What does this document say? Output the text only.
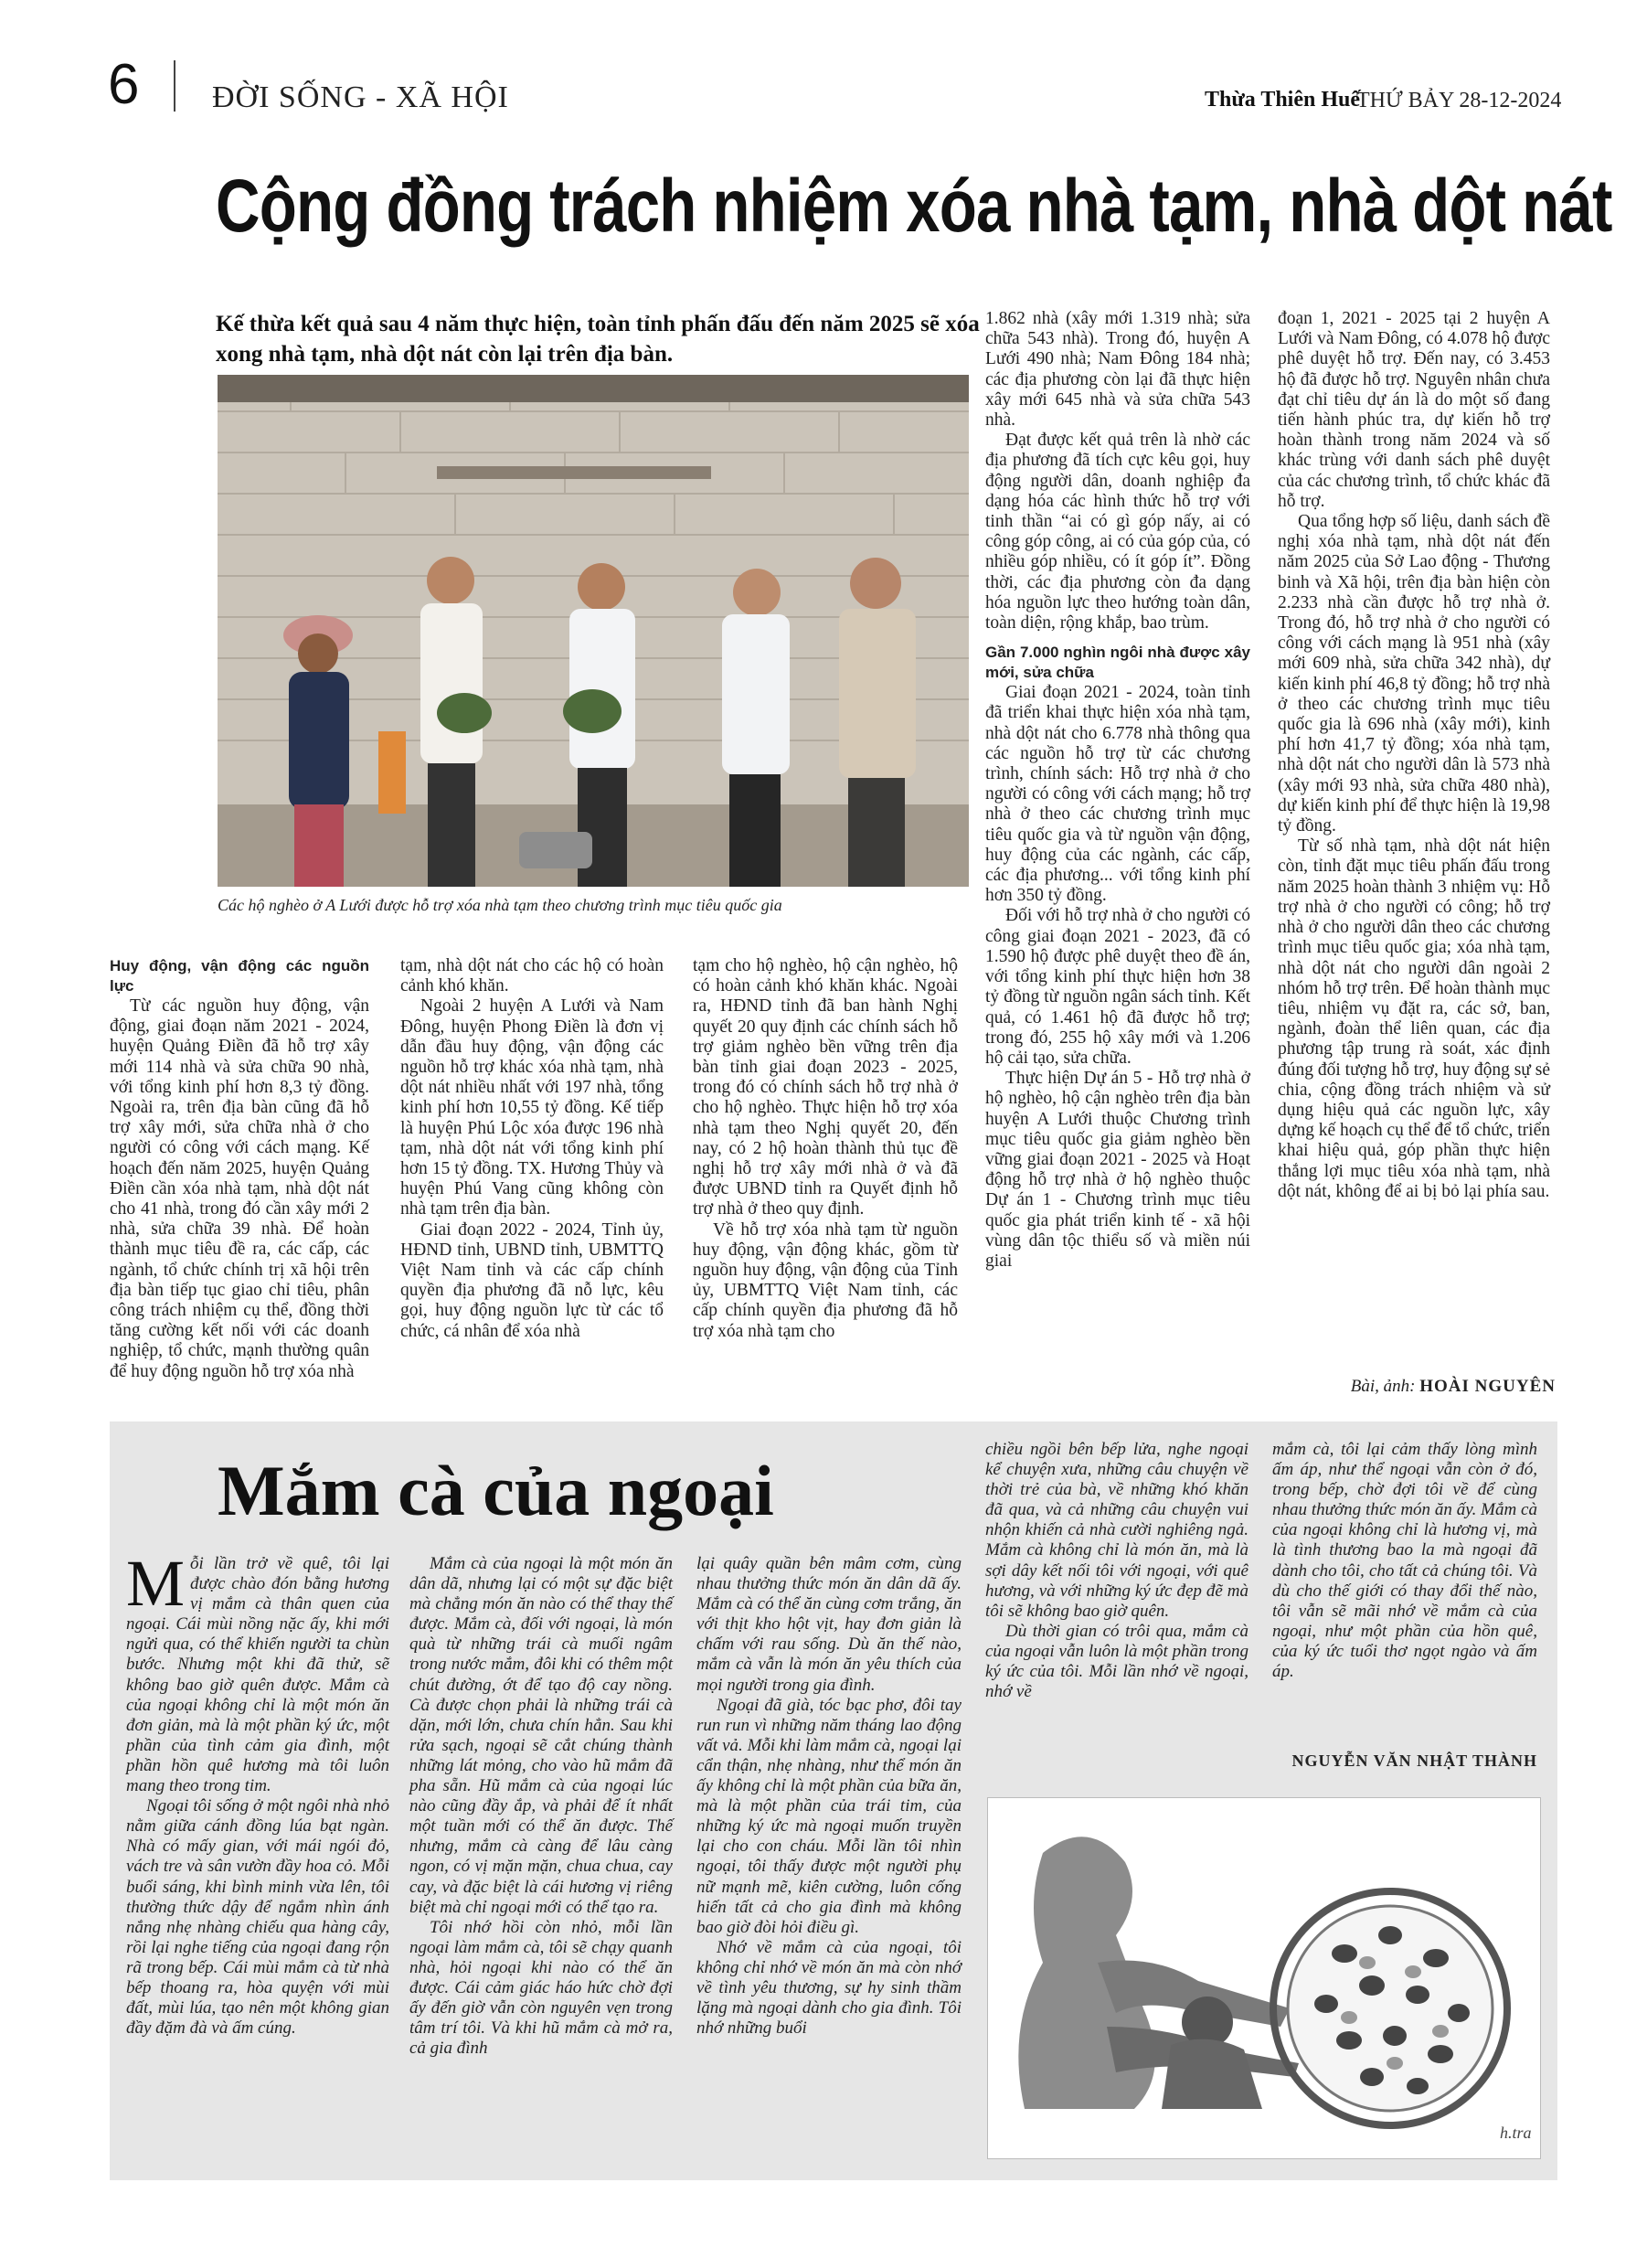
6 ĐỜI SỐNG - XÃ HỘI	Thừa Thiên Huế
THỨ BẢY 28-12-2024
Cộng đồng trách nhiệm xóa nhà tạm, nhà dột nát
Kế thừa kết quả sau 4 năm thực hiện, toàn tỉnh phấn đấu đến năm 2025 sẽ xóa xong nhà tạm, nhà dột nát còn lại trên địa bàn.
Các hộ nghèo ở A Lưới được hỗ trợ xóa nhà tạm theo chương trình mục tiêu quốc gia

Huy động, vận động các nguồn lực

Từ các nguồn huy động, vận động, giai đoạn năm 2021 - 2024, huyện Quảng Điền đã hỗ trợ xây mới 114 nhà và sửa chữa 90 nhà, với tổng kinh phí hơn 8,3 tỷ đồng. Ngoài ra, trên địa bàn cũng đã hỗ trợ xây mới, sửa chữa nhà ở cho người có công với cách mạng. Kế hoạch đến năm 2025, huyện Quảng Điền cần xóa nhà tạm, nhà dột nát cho 41 nhà, trong đó cần xây mới 2 nhà, sửa chữa 39 nhà. Để hoàn thành mục tiêu đề ra, các cấp, các ngành, tổ chức chính trị xã hội trên địa bàn tiếp tục giao chỉ tiêu, phân công trách nhiệm cụ thể, đồng thời tăng cường kết nối với các doanh nghiệp, tổ chức, mạnh thường quân để huy động nguồn hỗ trợ xóa nhà

tạm, nhà dột nát cho các hộ có hoàn cảnh khó khăn.

Ngoài 2 huyện A Lưới và Nam Đông, huyện Phong Điền là đơn vị dẫn đầu huy động, vận động các nguồn hỗ trợ khác xóa nhà tạm, nhà dột nát nhiều nhất với 197 nhà, tổng kinh phí hơn 10,55 tỷ đồng. Kế tiếp là huyện Phú Lộc xóa được 196 nhà tạm, nhà dột nát với tổng kinh phí hơn 15 tỷ đồng. TX. Hương Thủy và huyện Phú Vang cũng không còn nhà tạm trên địa bàn.

Giai đoạn 2022 - 2024, Tỉnh ủy, HĐND tỉnh, UBND tỉnh, UBMTTQ Việt Nam tỉnh và các cấp chính quyền địa phương đã nỗ lực, kêu gọi, huy động nguồn lực từ các tổ chức, cá nhân để xóa nhà

tạm cho hộ nghèo, hộ cận nghèo, hộ có hoàn cảnh khó khăn khác. Ngoài ra, HĐND tỉnh đã ban hành Nghị quyết 20 quy định các chính sách hỗ trợ giảm nghèo bền vững trên địa bàn tỉnh giai đoạn 2023 - 2025, trong đó có chính sách hỗ trợ nhà ở cho hộ nghèo. Thực hiện hỗ trợ xóa nhà tạm theo Nghị quyết 20, đến nay, có 2 hộ hoàn thành thủ tục đề nghị hỗ trợ xây mới nhà ở và đã được UBND tỉnh ra Quyết định hỗ trợ nhà ở theo quy định.

Về hỗ trợ xóa nhà tạm từ nguồn huy động, vận động khác, gồm từ nguồn huy động, vận động của Tỉnh ủy, UBMTTQ Việt Nam tỉnh, các cấp chính quyền địa phương đã hỗ trợ xóa nhà tạm cho

1.862 nhà (xây mới 1.319 nhà; sửa chữa 543 nhà). Trong đó, huyện A Lưới 490 nhà; Nam Đông 184 nhà; các địa phương còn lại đã thực hiện xây mới 645 nhà và sửa chữa 543 nhà.

Đạt được kết quả trên là nhờ các địa phương đã tích cực kêu gọi, huy động người dân, doanh nghiệp đa dạng hóa các hình thức hỗ trợ với tinh thần “ai có gì góp nấy, ai có công góp công, ai có của góp của, có nhiều góp nhiều, có ít góp ít”. Đồng thời, các địa phương còn đa dạng hóa nguồn lực theo hướng toàn dân, toàn diện, rộng khắp, bao trùm.

Gần 7.000 nghìn ngôi nhà được xây mới, sửa chữa

Giai đoạn 2021 - 2024, toàn tỉnh đã triển khai thực hiện xóa nhà tạm, nhà dột nát cho 6.778 nhà thông qua các nguồn hỗ trợ từ các chương trình, chính sách: Hỗ trợ nhà ở cho người có công với cách mạng; hỗ trợ nhà ở theo các chương trình mục tiêu quốc gia và từ nguồn vận động, huy động của các ngành, các cấp, các địa phương... với tổng kinh phí hơn 350 tỷ đồng.

Đối với hỗ trợ nhà ở cho người có công giai đoạn 2021 - 2023, đã có 1.590 hộ được phê duyệt theo đề án, với tổng kinh phí thực hiện hơn 38 tỷ đồng từ nguồn ngân sách tỉnh. Kết quả, có 1.461 hộ đã được hỗ trợ; trong đó, 255 hộ xây mới và 1.206 hộ cải tạo, sửa chữa.

Thực hiện Dự án 5 - Hỗ trợ nhà ở hộ nghèo, hộ cận nghèo trên địa bàn huyện A Lưới thuộc Chương trình mục tiêu quốc gia giảm nghèo bền vững giai đoạn 2021 - 2025 và Hoạt động hỗ trợ nhà ở hộ nghèo thuộc Dự án 1 - Chương trình mục tiêu quốc gia phát triển kinh tế - xã hội vùng dân tộc thiểu số và miền núi giai

đoạn 1, 2021 - 2025 tại 2 huyện A Lưới và Nam Đông, có 4.078 hộ được phê duyệt hỗ trợ. Đến nay, có 3.453 hộ đã được hỗ trợ. Nguyên nhân chưa đạt chỉ tiêu dự án là do một số đang tiến hành phúc tra, dự kiến hỗ trợ hoàn thành trong năm 2024 và số khác trùng với danh sách phê duyệt của các chương trình, tổ chức khác đã hỗ trợ.

Qua tổng hợp số liệu, danh sách đề nghị xóa nhà tạm, nhà dột nát đến năm 2025 của Sở Lao động - Thương binh và Xã hội, trên địa bàn hiện còn 2.233 nhà cần được hỗ trợ nhà ở. Trong đó, hỗ trợ nhà ở cho người có công với cách mạng là 951 nhà (xây mới 609 nhà, sửa chữa 342 nhà), dự kiến kinh phí 46,8 tỷ đồng; hỗ trợ nhà ở theo các chương trình mục tiêu quốc gia là 696 nhà (xây mới), kinh phí hơn 41,7 tỷ đồng; xóa nhà tạm, nhà dột nát cho người dân là 573 nhà (xây mới 93 nhà, sửa chữa 480 nhà), dự kiến kinh phí để thực hiện là 19,98 tỷ đồng.

Từ số nhà tạm, nhà dột nát hiện còn, tỉnh đặt mục tiêu phấn đấu trong năm 2025 hoàn thành 3 nhiệm vụ: Hỗ trợ nhà ở cho người có công; hỗ trợ nhà ở cho người dân theo các chương trình mục tiêu quốc gia; xóa nhà tạm, nhà dột nát cho người dân ngoài 2 nhóm hỗ trợ trên. Để hoàn thành mục tiêu, nhiệm vụ đặt ra, các sở, ban, ngành, đoàn thể liên quan, các địa phương tập trung rà soát, xác định đúng đối tượng hỗ trợ, huy động sự sẻ chia, cộng đồng trách nhiệm và sử dụng hiệu quả các nguồn lực, xây dựng kế hoạch cụ thể để tổ chức, triển khai hiệu quả, góp phần thực hiện thắng lợi mục tiêu xóa nhà tạm, nhà dột nát, không để ai bị bỏ lại phía sau.

Bài, ảnh: HOÀI NGUYÊN
Mắm cà của ngoại

Mỗi lần trở về quê, tôi lại được chào đón bằng hương vị mắm cà thân quen của ngoại. Cái mùi nồng nặc ấy, khi mới ngửi qua, có thể khiến người ta chùn bước. Nhưng một khi đã thử, sẽ không bao giờ quên được. Mắm cà của ngoại không chỉ là một món ăn đơn giản, mà là một phần ký ức, một phần của tình cảm gia đình, một phần hồn quê hương mà tôi luôn mang theo trong tim.

Ngoại tôi sống ở một ngôi nhà nhỏ nằm giữa cánh đồng lúa bạt ngàn. Nhà có mấy gian, với mái ngói đỏ, vách tre và sân vườn đầy hoa cỏ. Mỗi buổi sáng, khi bình minh vừa lên, tôi thường thức dậy để ngắm nhìn ánh nắng nhẹ nhàng chiếu qua hàng cây, rồi lại nghe tiếng của ngoại đang rộn rã trong bếp. Cái mùi mắm cà từ nhà bếp thoang ra, hòa quyện với mùi đất, mùi lúa, tạo nên một không gian đầy đặm đà và ấm cúng.

Mắm cà của ngoại là một món ăn dân dã, nhưng lại có một sự đặc biệt mà chẳng món ăn nào có thể thay thế được. Mắm cà, đối với ngoại, là món quà từ những trái cà muối ngâm trong nước mắm, đôi khi có thêm một chút đường, ớt để tạo độ cay nồng. Cà được chọn phải là những trái cà dặn, mới lớn, chưa chín hẳn. Sau khi rửa sạch, ngoại sẽ cắt chúng thành những lát mỏng, cho vào hũ mắm đã pha sẵn. Hũ mắm cà của ngoại lúc nào cũng đầy ắp, và phải để ít nhất một tuần mới có thể ăn được. Thế nhưng, mắm cà càng để lâu càng ngon, có vị mặn mặn, chua chua, cay cay, và đặc biệt là cái hương vị riêng biệt mà chỉ ngoại mới có thể tạo ra.

Tôi nhớ hồi còn nhỏ, mỗi lần ngoại làm mắm cà, tôi sẽ chạy quanh nhà, hỏi ngoại khi nào có thể ăn được. Cái cảm giác háo hức chờ đợi ấy đến giờ vẫn còn nguyên vẹn trong tâm trí tôi. Và khi hũ mắm cà mở ra, cả gia đình

lại quây quần bên mâm cơm, cùng nhau thưởng thức món ăn dân dã ấy. Mắm cà có thể ăn cùng cơm trắng, ăn với thịt kho hột vịt, hay đơn giản là chấm với rau sống. Dù ăn thế nào, mắm cà vẫn là món ăn yêu thích của mọi người trong gia đình.

Ngoại đã già, tóc bạc phơ, đôi tay run run vì những năm tháng lao động vất vả. Mỗi khi làm mắm cà, ngoại lại cẩn thận, nhẹ nhàng, như thể món ăn ấy không chỉ là một phần của bữa ăn, mà là một phần của trái tim, của những ký ức mà ngoại muốn truyền lại cho con cháu. Mỗi lần tôi nhìn ngoại, tôi thấy được một người phụ nữ mạnh mẽ, kiên cường, luôn cống hiến tất cả cho gia đình mà không bao giờ đòi hỏi điều gì.

Nhớ về mắm cà của ngoại, tôi không chỉ nhớ về món ăn mà còn nhớ về tình yêu thương, sự hy sinh thầm lặng mà ngoại dành cho gia đình. Tôi nhớ những buổi

chiều ngồi bên bếp lửa, nghe ngoại kể chuyện xưa, những câu chuyện về thời trẻ của bà, về những khó khăn đã qua, và cả những câu chuyện vui nhộn khiến cả nhà cười nghiêng ngả. Mắm cà không chỉ là món ăn, mà là sợi dây kết nối tôi với ngoại, với quê hương, và với những ký ức đẹp đẽ mà tôi sẽ không bao giờ quên.

Dù thời gian có trôi qua, mắm cà của ngoại vẫn luôn là một phần trong ký ức của tôi. Mỗi lần nhớ về ngoại, nhớ về

mắm cà, tôi lại cảm thấy lòng mình ấm áp, như thể ngoại vẫn còn ở đó, trong bếp, chờ đợi tôi về để cùng nhau thưởng thức món ăn ấy. Mắm cà của ngoại không chỉ là hương vị, mà là tình thương bao la mà ngoại đã dành cho tôi, cho tất cả chúng tôi. Và dù cho thế giới có thay đổi thế nào, tôi vẫn sẽ mãi nhớ về mắm cà của ngoại, như một phần của hồn quê, của ký ức tuổi thơ ngọt ngào và ấm áp.

NGUYỄN VĂN NHẬT THÀNH
h.tra
